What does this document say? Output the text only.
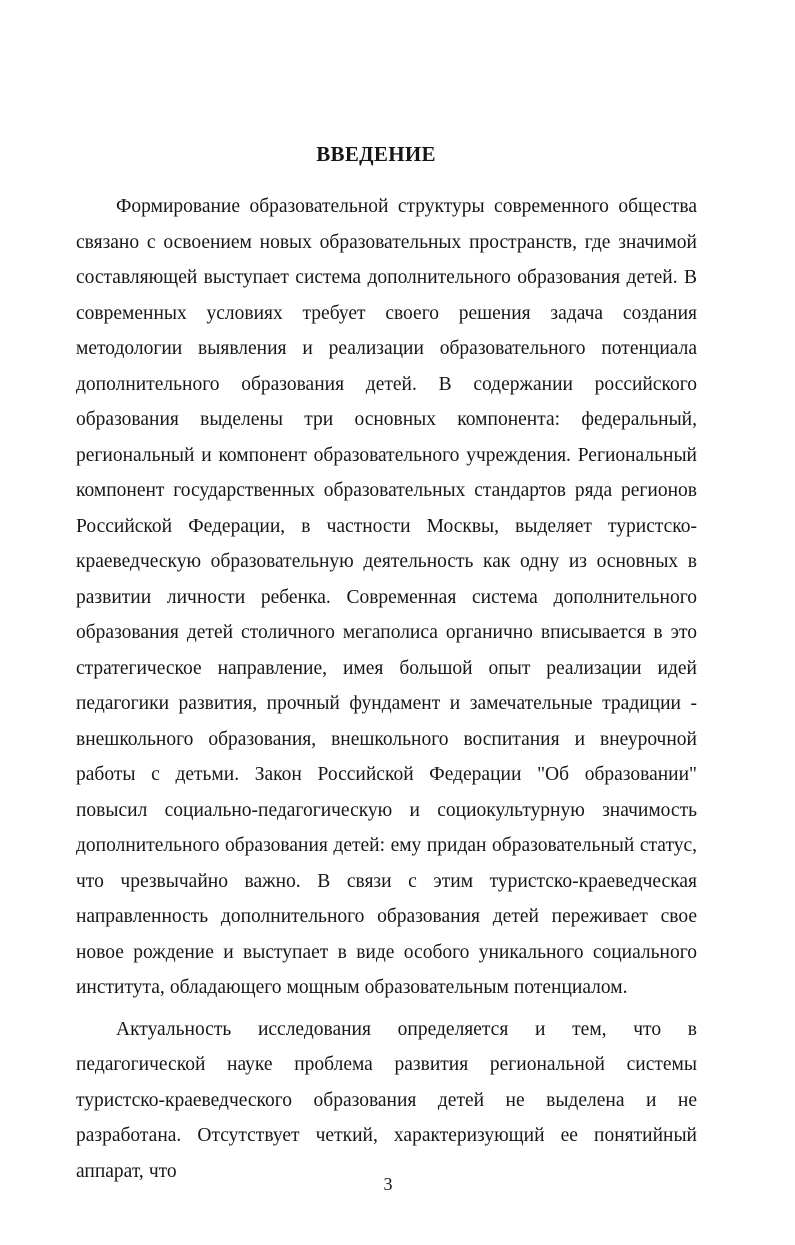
ВВЕДЕНИЕ

Формирование образовательной структуры современного общества связано с освоением новых образовательных пространств, где значимой составляющей выступает система дополнительного образования детей. В современных условиях требует своего решения задача создания методологии выявления и реализации образовательного потенциала дополнительного образования детей. В содержании российского образования выделены три основных компонента: федеральный, региональный и компонент образовательного учреждения. Региональный компонент государственных образовательных стандартов ряда регионов Российской Федерации, в частности Москвы, выделяет туристско-краеведческую образовательную деятельность как одну из основных в развитии личности ребенка. Современная система дополнительного образования детей столичного мегаполиса органично вписывается в это стратегическое направление, имея большой опыт реализации идей педагогики развития, прочный фундамент и замечательные традиции - внешкольного образования, внешкольного воспитания и внеурочной работы с детьми. Закон Российской Федерации "Об образовании" повысил социально-педагогическую и социокультурную значимость дополнительного образования детей: ему придан образовательный статус, что чрезвычайно важно. В связи с этим туристско-краеведческая направленность дополнительного образования детей переживает свое новое рождение и выступает в виде особого уникального социального института, обладающего мощным образовательным потенциалом.

Актуальность исследования определяется и тем, что в педагогической науке проблема развития региональной системы туристско-краеведческого образования детей не выделена и не разработана. Отсутствует четкий, характеризующий ее понятийный аппарат, что

3
